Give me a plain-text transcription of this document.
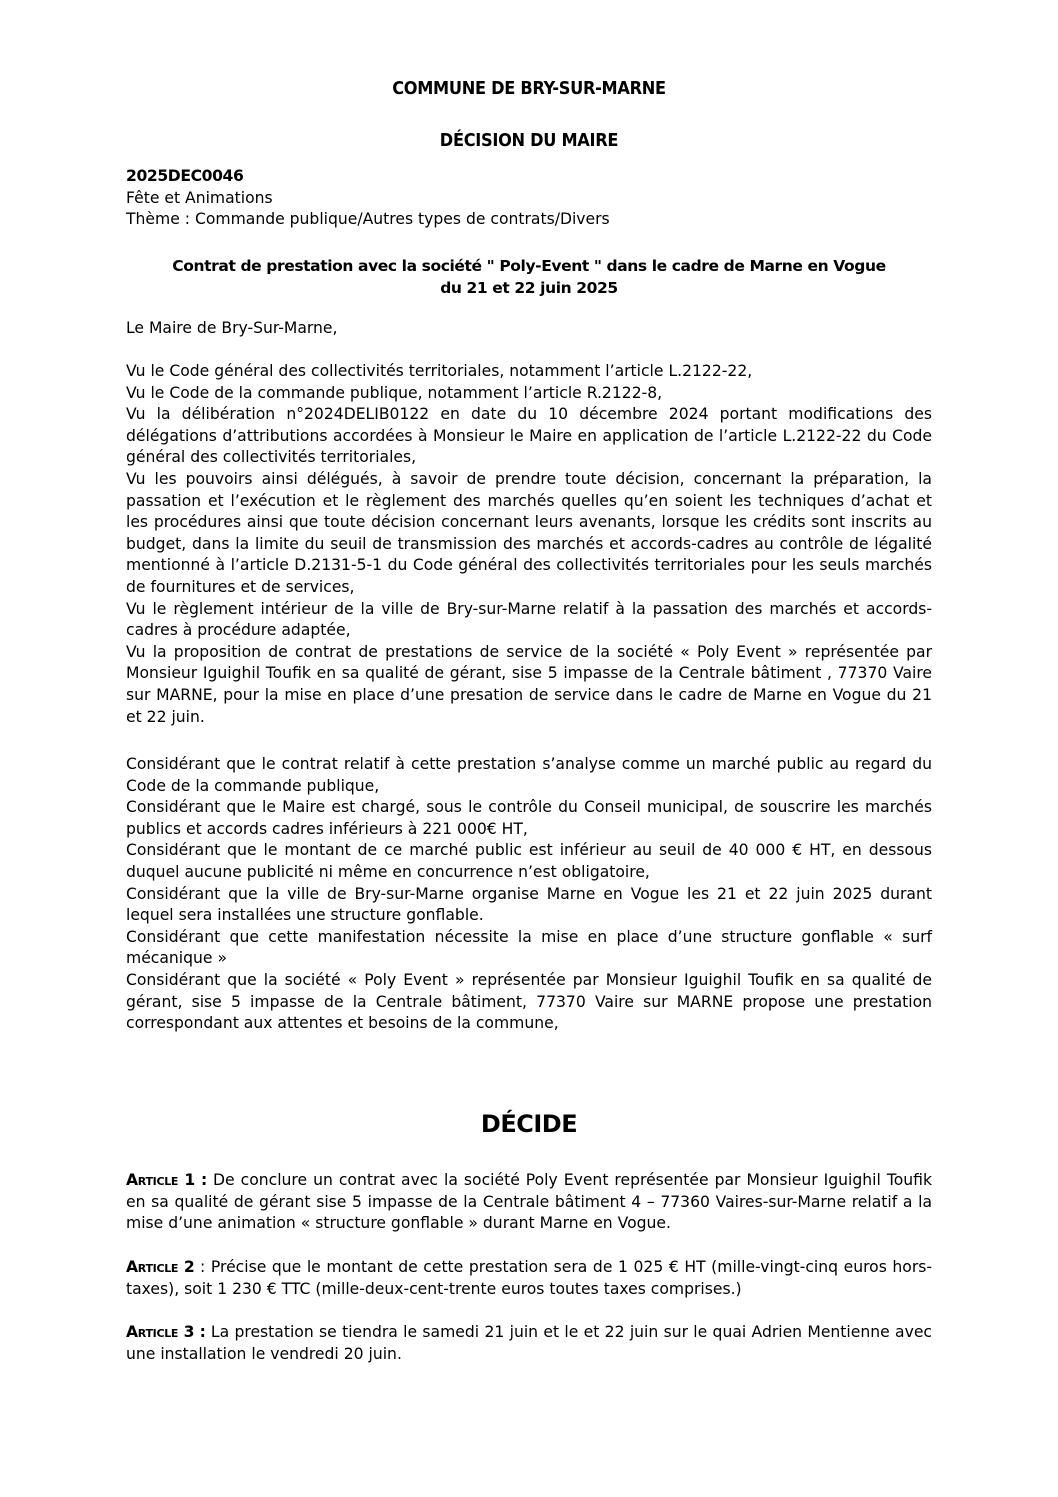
COMMUNE DE BRY-SUR-MARNE
DÉCISION DU MAIRE
2025DEC0046
Fête et Animations
Thème : Commande publique/Autres types de contrats/Divers
Contrat de prestation avec la société " Poly-Event " dans le cadre de Marne en Vogue
du 21 et 22 juin 2025

Le Maire de Bry-Sur-Marne,

Vu le Code général des collectivités territoriales, notamment l’article L.2122-22,
Vu le Code de la commande publique, notamment l’article R.2122-8,
Vu la délibération n°2024DELIB0122 en date du 10 décembre 2024 portant modifications des délégations d’attributions accordées à Monsieur le Maire en application de l’article L.2122-22 du Code général des collectivités territoriales,
Vu les pouvoirs ainsi délégués, à savoir de prendre toute décision, concernant la préparation, la passation et l’exécution et le règlement des marchés quelles qu’en soient les techniques d’achat et les procédures ainsi que toute décision concernant leurs avenants, lorsque les crédits sont inscrits au budget, dans la limite du seuil de transmission des marchés et accords-cadres au contrôle de légalité mentionné à l’article D.2131-5-1 du Code général des collectivités territoriales pour les seuls marchés de fournitures et de services,
Vu le règlement intérieur de la ville de Bry-sur-Marne relatif à la passation des marchés et accords-cadres à procédure adaptée,
Vu la proposition de contrat de prestations de service de la société « Poly Event » représentée par Monsieur Iguighil Toufik en sa qualité de gérant, sise 5 impasse de la Centrale bâtiment , 77370 Vaire sur MARNE, pour la mise en place d’une presation de service dans le cadre de Marne en Vogue du 21 et 22 juin.
Considérant que le contrat relatif à cette prestation s’analyse comme un marché public au regard du Code de la commande publique,
Considérant que le Maire est chargé, sous le contrôle du Conseil municipal, de souscrire les marchés publics et accords cadres inférieurs à 221 000€ HT,
Considérant que le montant de ce marché public est inférieur au seuil de 40 000 € HT, en dessous duquel aucune publicité ni même en concurrence n’est obligatoire,
Considérant que la ville de Bry-sur-Marne organise Marne en Vogue les 21 et 22 juin 2025 durant lequel sera installées une structure gonflable.
Considérant que cette manifestation nécessite la mise en place d’une structure gonflable « surf mécanique »
Considérant que la société « Poly Event » représentée par Monsieur Iguighil Toufik en sa qualité de gérant, sise 5 impasse de la Centrale bâtiment, 77370 Vaire sur MARNE propose une prestation correspondant aux attentes et besoins de la commune,
DÉCIDE

Article 1 : De conclure un contrat avec la société Poly Event représentée par Monsieur Iguighil Toufik en sa qualité de gérant sise 5 impasse de la Centrale bâtiment 4 – 77360 Vaires-sur-Marne relatif a la mise d’une animation « structure gonflable » durant Marne en Vogue.

Article 2 : Précise que le montant de cette prestation sera de 1 025 € HT (mille-vingt-cinq euros hors-taxes), soit 1 230 € TTC (mille-deux-cent-trente euros toutes taxes comprises.)

Article 3 : La prestation se tiendra le samedi 21 juin et le et 22 juin sur le quai Adrien Mentienne avec une installation le vendredi 20 juin.
